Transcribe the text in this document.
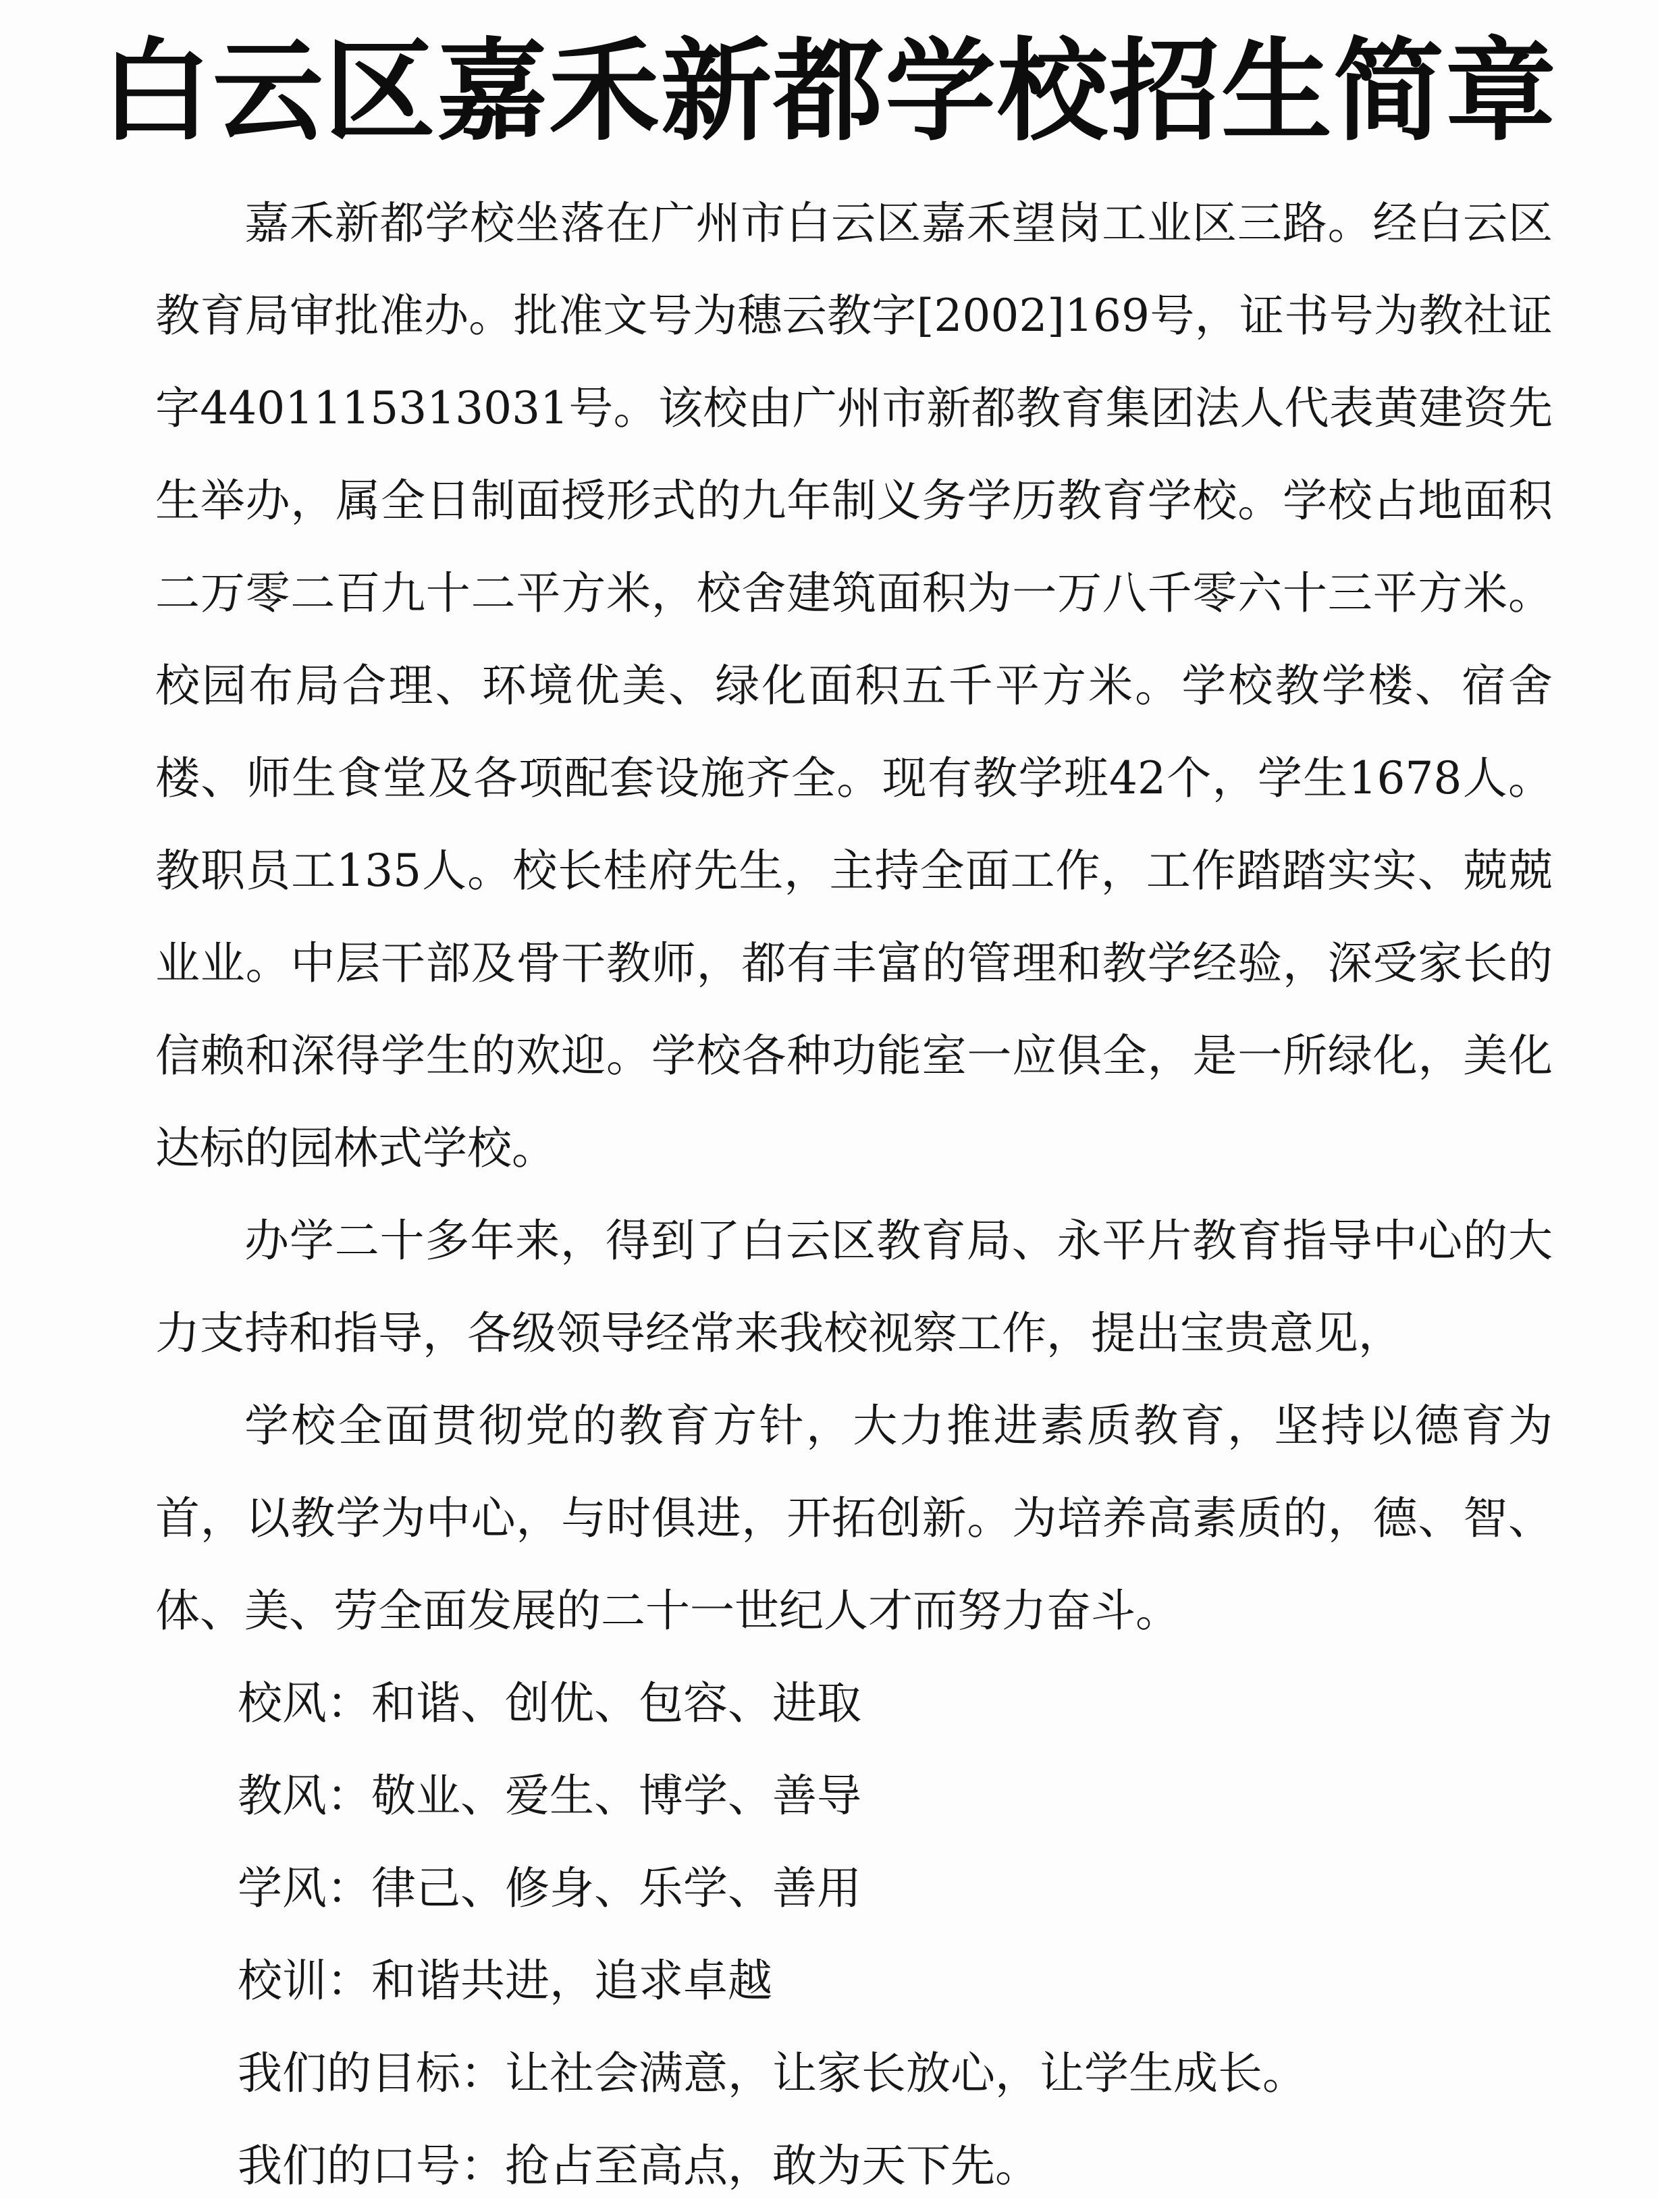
白云区嘉禾新都学校招生简章

嘉禾新都学校坐落在广州市白云区嘉禾望岗工业区三路。经白云区教育局审批准办。批准文号为穗云教字[2002]169号，证书号为教社证字4401115313031号。该校由广州市新都教育集团法人代表黄建资先生举办，属全日制面授形式的九年制义务学历教育学校。学校占地面积二万零二百九十二平方米，校舍建筑面积为一万八千零六十三平方米。校园布局合理、环境优美、绿化面积五千平方米。学校教学楼、宿舍楼、师生食堂及各项配套设施齐全。现有教学班42个，学生1678人。教职员工135人。校长桂府先生，主持全面工作，工作踏踏实实、兢兢业业。中层干部及骨干教师，都有丰富的管理和教学经验，深受家长的信赖和深得学生的欢迎。学校各种功能室一应俱全，是一所绿化，美化达标的园林式学校。

办学二十多年来，得到了白云区教育局、永平片教育指导中心的大力支持和指导，各级领导经常来我校视察工作，提出宝贵意见，

学校全面贯彻党的教育方针，大力推进素质教育，坚持以德育为首，以教学为中心，与时俱进，开拓创新。为培养高素质的，德、智、体、美、劳全面发展的二十一世纪人才而努力奋斗。

校风：和谐、创优、包容、进取
教风：敬业、爱生、博学、善导
学风：律己、修身、乐学、善用
校训：和谐共进，追求卓越
我们的目标：让社会满意，让家长放心，让学生成长。
我们的口号：抢占至高点，敢为天下先。
